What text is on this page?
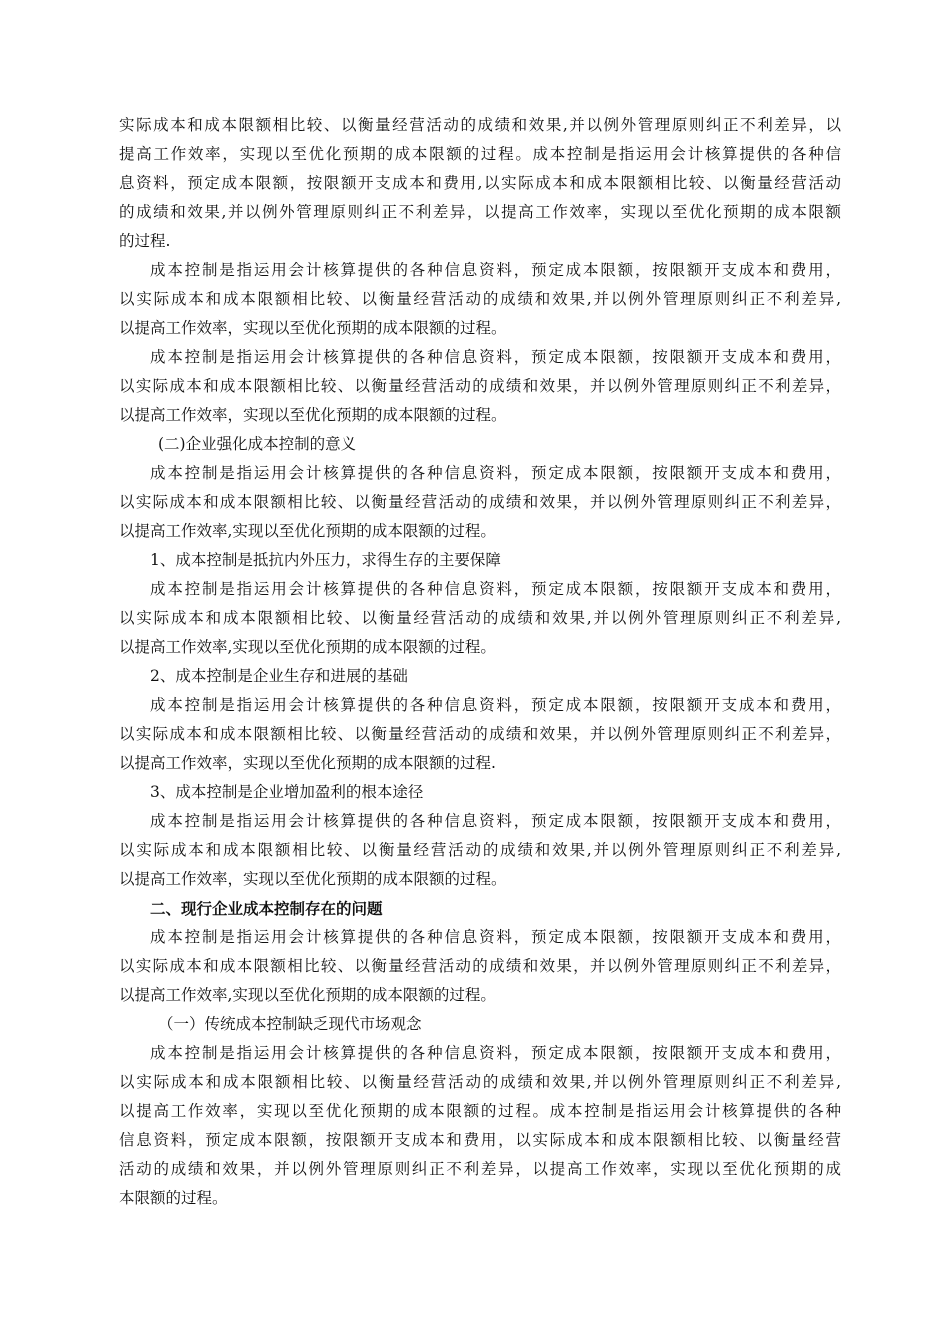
实际成本和成本限额相比较、以衡量经营活动的成绩和效果,并以例外管理原则纠正不利差异，以
提高工作效率，实现以至优化预期的成本限额的过程。成本控制是指运用会计核算提供的各种信
息资料，预定成本限额，按限额开支成本和费用,以实际成本和成本限额相比较、以衡量经营活动
的成绩和效果,并以例外管理原则纠正不利差异，以提高工作效率，实现以至优化预期的成本限额
的过程.
成本控制是指运用会计核算提供的各种信息资料，预定成本限额，按限额开支成本和费用，
以实际成本和成本限额相比较、以衡量经营活动的成绩和效果,并以例外管理原则纠正不利差异,
以提高工作效率，实现以至优化预期的成本限额的过程。
成本控制是指运用会计核算提供的各种信息资料，预定成本限额，按限额开支成本和费用，
以实际成本和成本限额相比较、以衡量经营活动的成绩和效果，并以例外管理原则纠正不利差异，
以提高工作效率，实现以至优化预期的成本限额的过程。
(二)企业强化成本控制的意义
成本控制是指运用会计核算提供的各种信息资料，预定成本限额，按限额开支成本和费用，
以实际成本和成本限额相比较、以衡量经营活动的成绩和效果，并以例外管理原则纠正不利差异，
以提高工作效率,实现以至优化预期的成本限额的过程。
1、成本控制是抵抗内外压力，求得生存的主要保障
成本控制是指运用会计核算提供的各种信息资料，预定成本限额，按限额开支成本和费用，
以实际成本和成本限额相比较、以衡量经营活动的成绩和效果,并以例外管理原则纠正不利差异,
以提高工作效率,实现以至优化预期的成本限额的过程。
2、成本控制是企业生存和进展的基础
成本控制是指运用会计核算提供的各种信息资料，预定成本限额，按限额开支成本和费用，
以实际成本和成本限额相比较、以衡量经营活动的成绩和效果，并以例外管理原则纠正不利差异，
以提高工作效率，实现以至优化预期的成本限额的过程.
3、成本控制是企业增加盈利的根本途径
成本控制是指运用会计核算提供的各种信息资料，预定成本限额，按限额开支成本和费用，
以实际成本和成本限额相比较、以衡量经营活动的成绩和效果,并以例外管理原则纠正不利差异,
以提高工作效率，实现以至优化预期的成本限额的过程。
二、现行企业成本控制存在的问题
成本控制是指运用会计核算提供的各种信息资料，预定成本限额，按限额开支成本和费用，
以实际成本和成本限额相比较、以衡量经营活动的成绩和效果，并以例外管理原则纠正不利差异，
以提高工作效率,实现以至优化预期的成本限额的过程。
（一）传统成本控制缺乏现代市场观念
成本控制是指运用会计核算提供的各种信息资料，预定成本限额，按限额开支成本和费用，
以实际成本和成本限额相比较、以衡量经营活动的成绩和效果,并以例外管理原则纠正不利差异,
以提高工作效率，实现以至优化预期的成本限额的过程。成本控制是指运用会计核算提供的各种
信息资料，预定成本限额，按限额开支成本和费用，以实际成本和成本限额相比较、以衡量经营
活动的成绩和效果，并以例外管理原则纠正不利差异，以提高工作效率，实现以至优化预期的成
本限额的过程。
